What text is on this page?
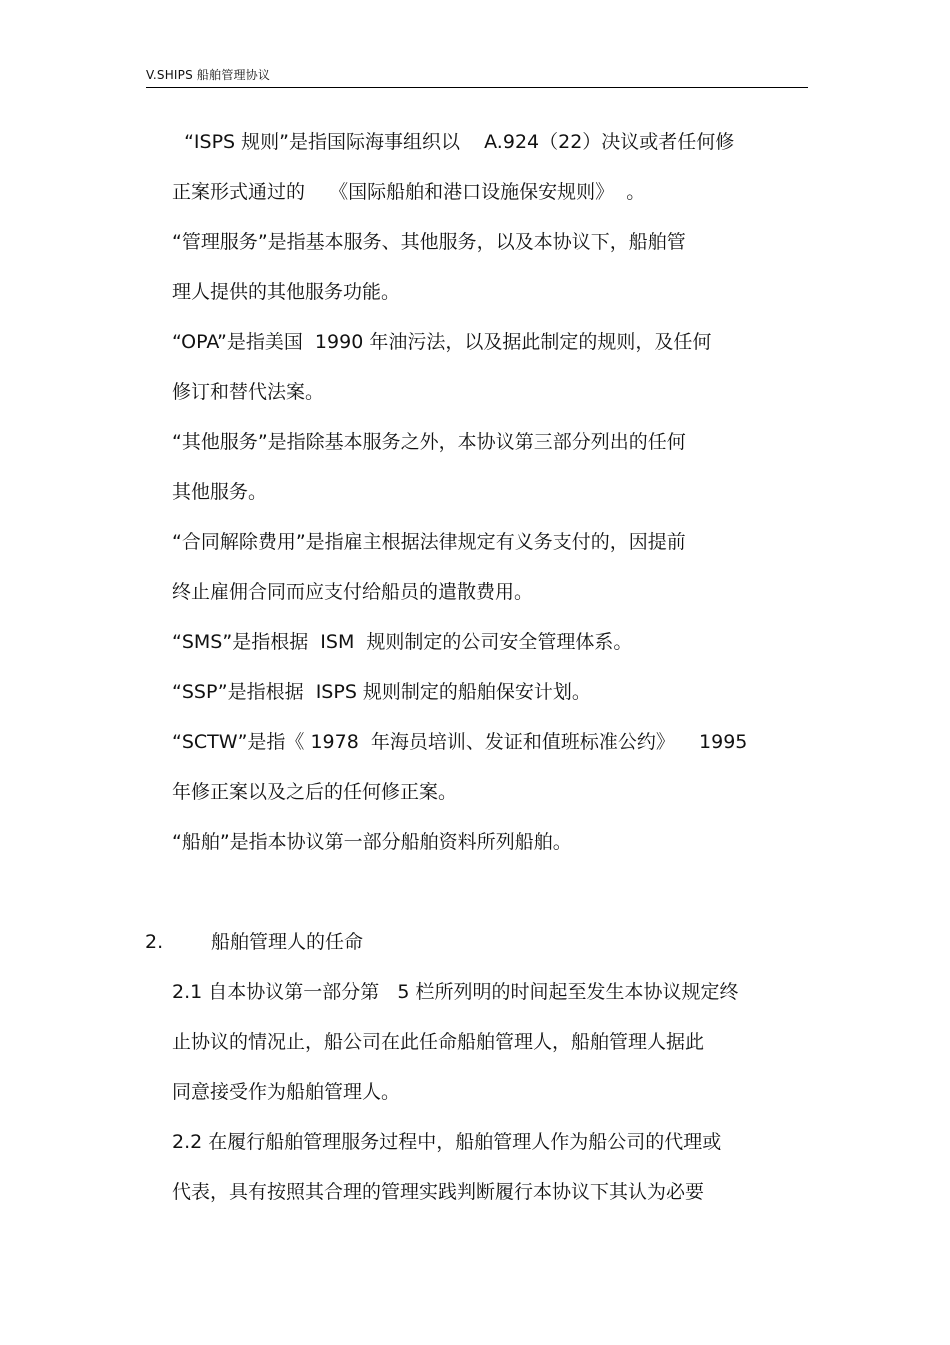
V.SHIPS 船舶管理协议
“ISPS 规则”是指国际海事组织以    A.924（22）决议或者任何修
正案形式通过的    《国际船舶和港口设施保安规则》  。
“管理服务”是指基本服务、其他服务，以及本协议下，船舶管
理人提供的其他服务功能。
“OPA”是指美国  1990 年油污法，以及据此制定的规则，及任何
修订和替代法案。
“其他服务”是指除基本服务之外，本协议第三部分列出的任何
其他服务。
“合同解除费用”是指雇主根据法律规定有义务支付的，因提前
终止雇佣合同而应支付给船员的遣散费用。
“SMS”是指根据  ISM  规则制定的公司安全管理体系。
“SSP”是指根据  ISPS 规则制定的船舶保安计划。
“SCTW”是指《 1978  年海员培训、发证和值班标准公约》    1995
年修正案以及之后的任何修正案。
“船舶”是指本协议第一部分船舶资料所列船舶。
2.	船舶管理人的任命
2.1 自本协议第一部分第   5 栏所列明的时间起至发生本协议规定终
止协议的情况止，船公司在此任命船舶管理人，船舶管理人据此
同意接受作为船舶管理人。
2.2 在履行船舶管理服务过程中，船舶管理人作为船公司的代理或
代表，具有按照其合理的管理实践判断履行本协议下其认为必要
